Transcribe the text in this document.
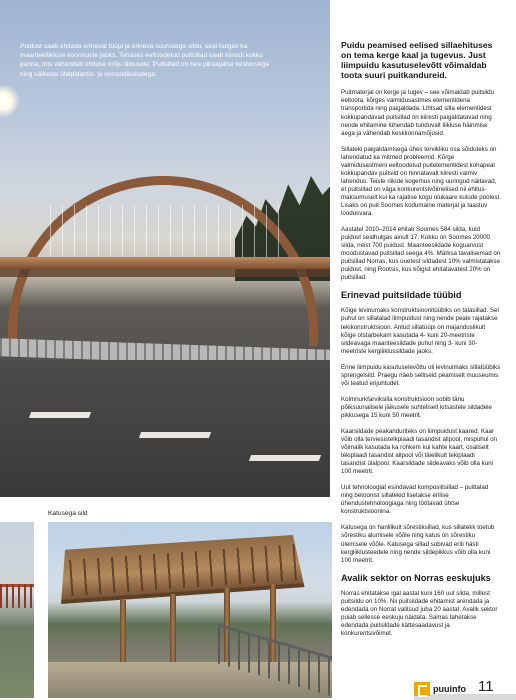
Puidust saab ehitada erinevat tüüpi ja erineva suurusega sildu, seal hulgas ka maanteeliikluse koormuste jaoks. Tehases eeltoodetud puitsillad saab kiiresti kokku panna, mis vähendab ehituse mõju liiklusele. Puitsillad on hea pikaajalise kestvusega ning väikeste ülalpidamis- ja remondikuludega.

Katusega sild

Puidu peamised eelised sillaehituses on tema kerge kaal ja tugevus. Just liimpuidu kasutuselevõtt võimaldab toota suuri puitkandureid.

Puitmaterjal on kerge ja tugev – see võimaldab puitsildu eeltoota, kõrges valmidusastmes elementidena transportida ning paigaldada. Lihtsad silla elementidest kokkupandavad puitsillad on kiiresti paigaldatavad ning nende ehitamine lühendab tunduvalt liikluse häirimise aega ja vähendab keskkonnamõjusid.

Sillateki paigaldamisega ühes tervikliku osa sõiduteks on lahendatud ka mitmed probleemid. Kõrge valmidusastmeni eeltoodetud puitelementidest kohapeal kokkupandav puitsild on hinnatavalt kiiresti valmiv lahendus. Teiste riikide kogemus ning uuringud näitavad, et puitsillad on väga konkurentsivõimelised nii ehitus- maksumuselt kui ka rajatise kogu olukaare kulude poolest. Lisaks on puit Soomes kodumaine materjal ja taastuv loodusvara.

Aastatel 2010–2014 ehitati Soomes 584 silda, kuid puidust sealhulgas ainult 17. Kokku on Soomes 20000 silda, neist 700 puidust. Maanteesildade koguarvust moodustavad puitsillad seega 4%. Märksa tavalisemad on puitsillad Norras, kus uuetest sildadest 10% valmistatakse puidust, ning Rootsis, kus kõigist ehitatavatest 20% on puitsillad.

Erinevad puitsildade tüübid

Kõige levinumaks konstruktsioonitüübiks on talasillad. Sel puhul on sillatalad liimpuidust ning nende peale rajatakse tekikonstruktsioon. Antud sillatüüpi on majanduslikult kõige otstarbekam kasutada 4- kuni 20-meetriste sildeavaga maanteesildade puhul ning 3- kuni 30-meetriste kergliiklussildade jaoks.

Enne liimpuidu kasutuselevõttu oli levinuimaks sillatüübiks sprengelsild. Praegu näeb selliseid peamiselt muuseumis või teatud erijuhtudel.

Kolmnurkfarviksilla konstruktsioon sobib tänu põiksuunalisele jäikusele suhteliselt kitsastele sildadele pikkusega 15 kuni 50 meetrit.

Kaarsildade peakanduriteks on liimpuidust kaared. Kaar võib olla terviesistelkplaadi tasandist allpool, mispuhul on võimalik kasutada ka rohkem kui kahte kaart, osaliselt tekiplaadi tasandist allpool või täielikult tekiplaadi tasandist ülalpool. Kaarsildade sildeavaks võib olla kuni 100 meetrit.

Uut tehnoloogiat esindavad komposiitsillad – puittalad ning betoonist sillatekid lisetakse erilise ühendustehnoloogiaga ning töötavad ühtse konstruktsioonina.

Katusega on hanlilkult sõrestiksillad, kus sillatekk toetub sõrestiku alumisele võõle ning katus on sõrestiku ülemisele võõle. Katusega sillad sobivad eriti hästi kergliiklusteedele ning nende sildepikkus võib olla kuni 100 meetrit.

Avalik sektor on Norras eeskujuks

Norras ehitatakse igal aastal kuni 160 uut silda, millest puitsildu on 10%. Nii puitsildade ehitamist arendada ja edendada on Norrat valitsud juba 20 aastat. Avalik sektor puiab sellesse eeskuju näidata. Samas tahetakse edendada puitsildade kättesaadavust ja konkurentsivõimet.

puuinfo 11
